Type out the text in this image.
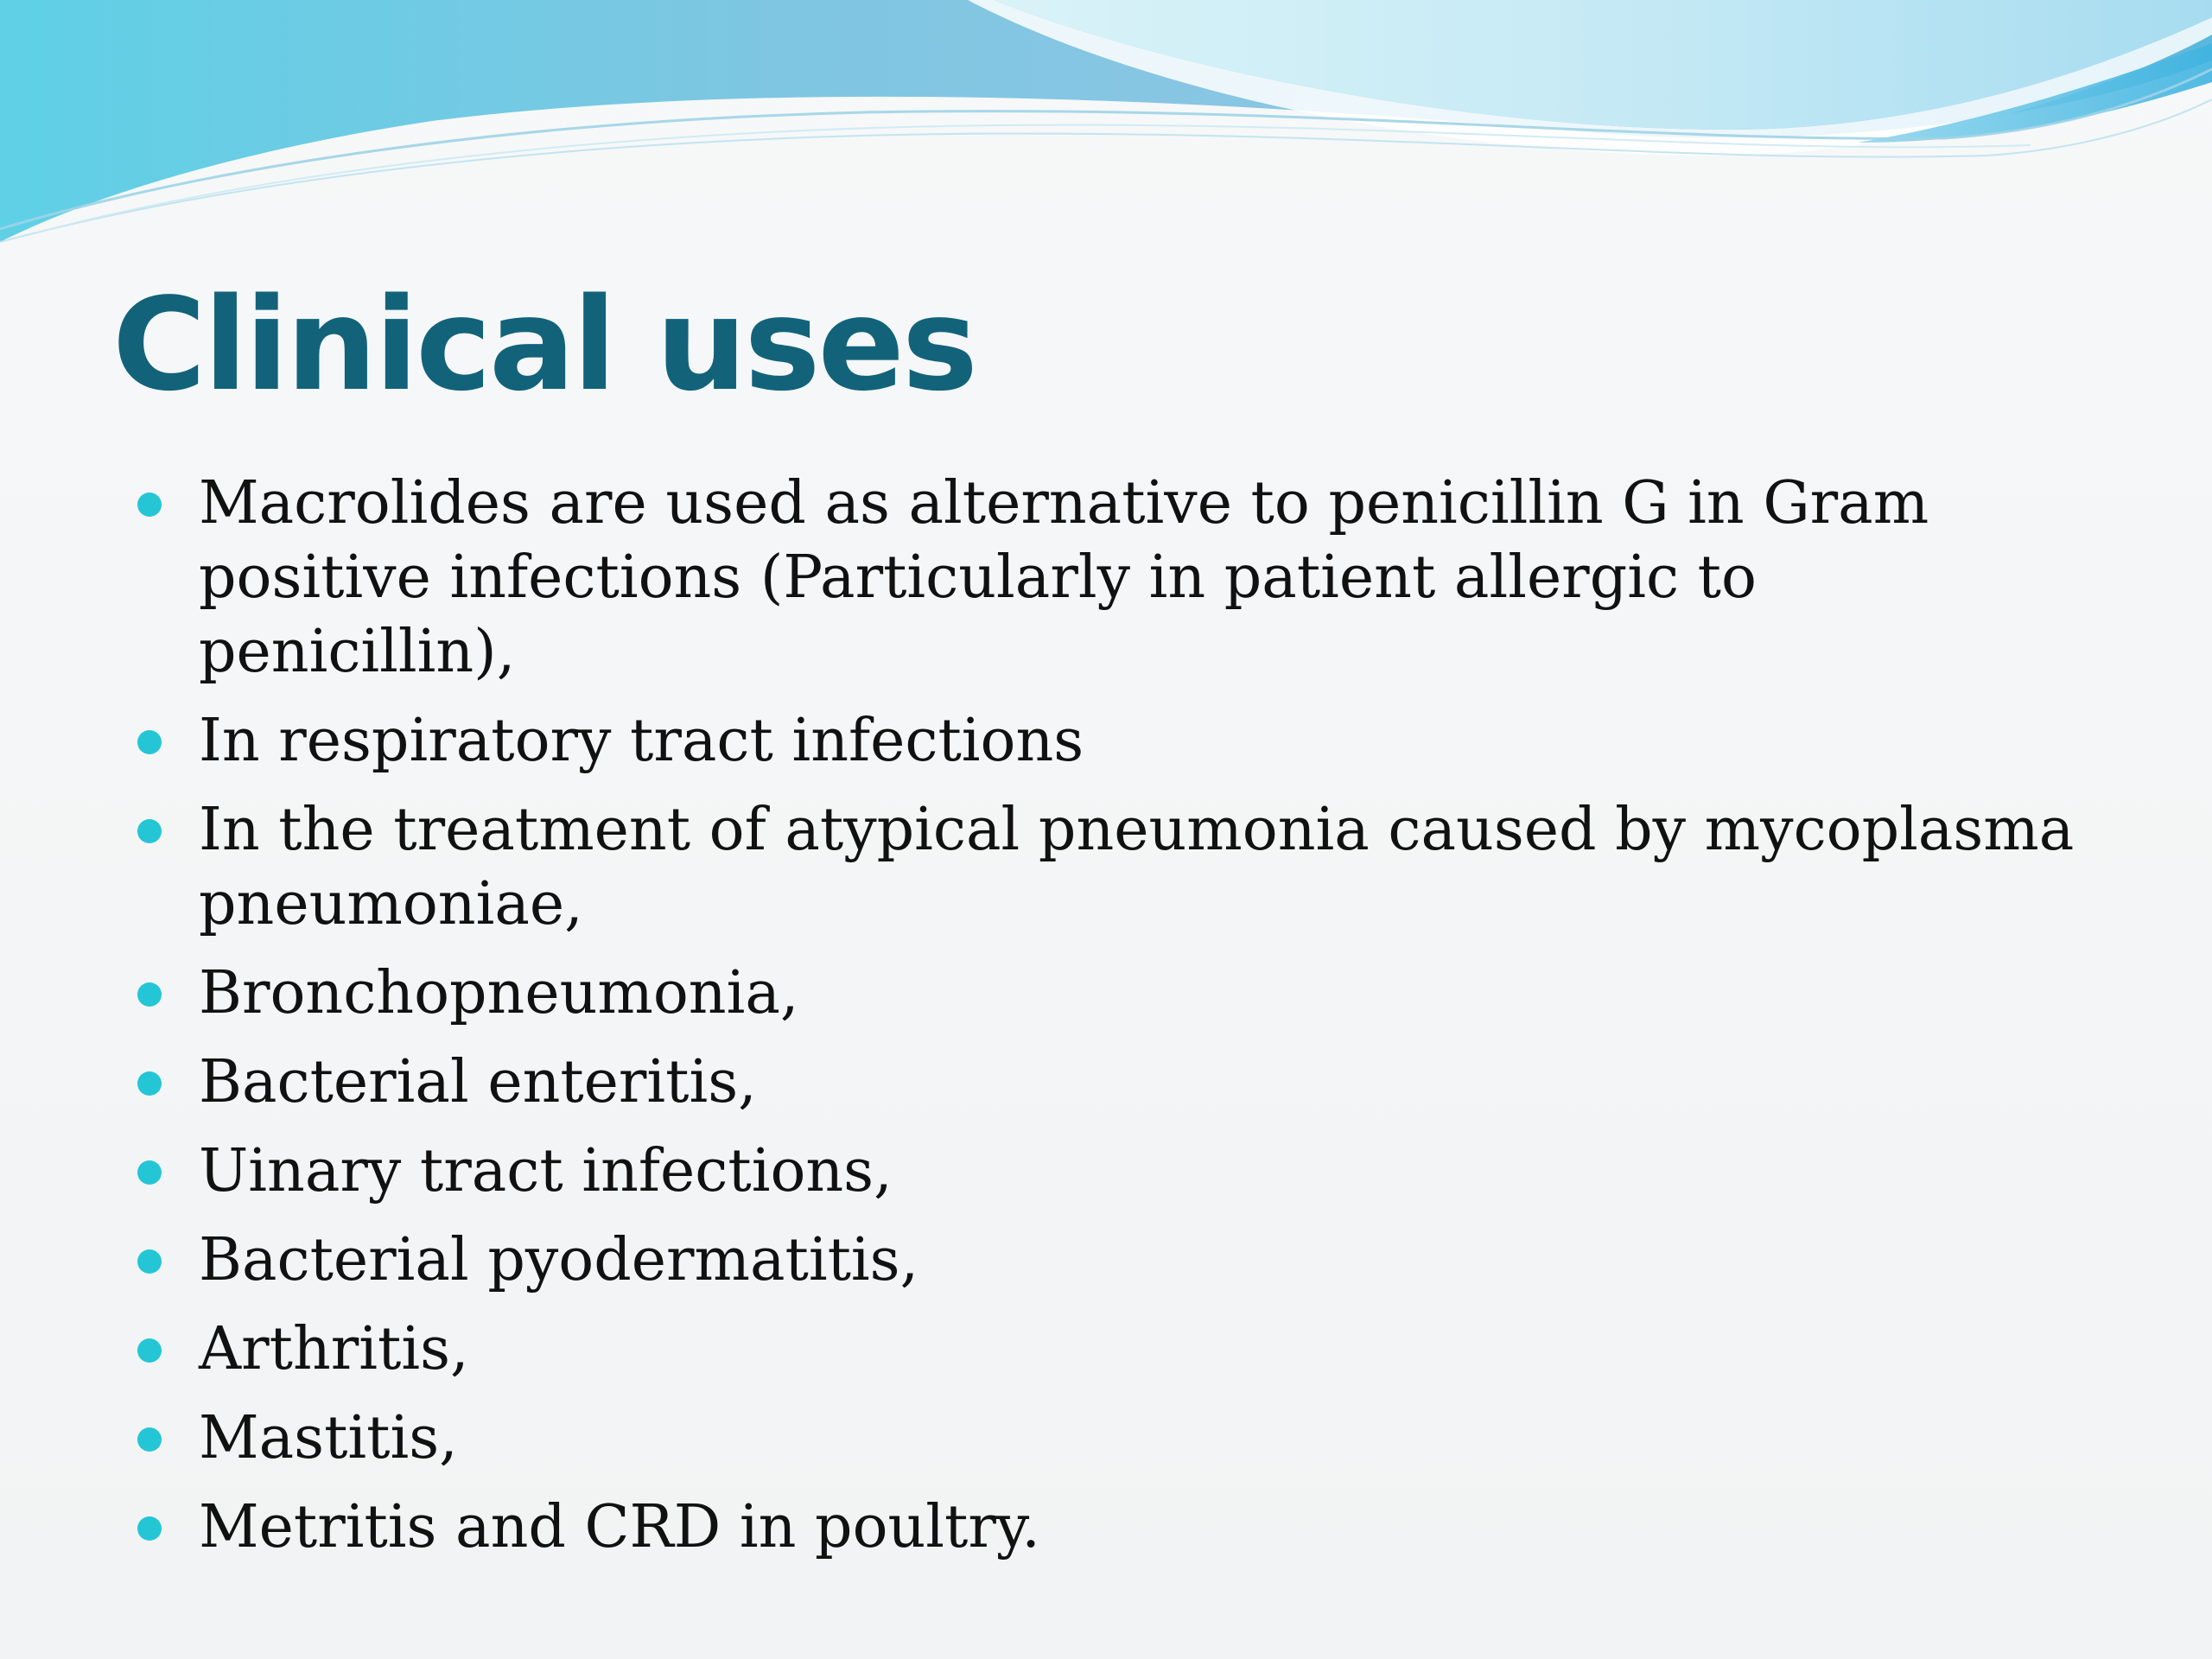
Clinical uses
Macrolides are used as alternative to penicillin G in Gram positive infections (Particularly in patient allergic to penicillin),
In respiratory tract infections
In the treatment of atypical pneumonia caused by mycoplasma pneumoniae,
Bronchopneumonia,
Bacterial enteritis,
Uinary tract infections,
Bacterial pyodermatitis,
Arthritis,
Mastitis,
Metritis and CRD in poultry.
